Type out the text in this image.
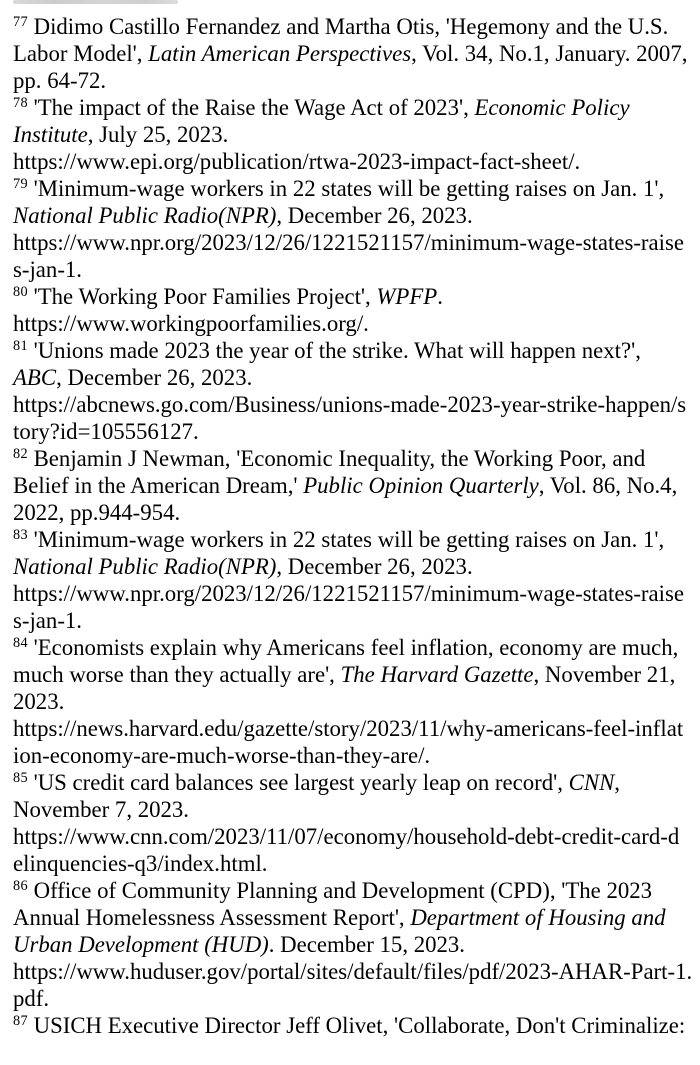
$^{77}$ Didimo Castillo Fernandez and Martha Otis, 'Hegemony and the U.S.
Labor Model', Latin American Perspectives, Vol. 34, No.1, January. 2007,
pp. 64-72.
$^{78}$ 'The impact of the Raise the Wage Act of 2023', Economic Policy
Institute, July 25, 2023.
https://www.epi.org/publication/rtwa-2023-impact-fact-sheet/.
$^{79}$ 'Minimum-wage workers in 22 states will be getting raises on Jan. 1',
National Public Radio(NPR), December 26, 2023.
https://www.npr.org/2023/12/26/1221521157/minimum-wage-states-raise
s-jan-1.
$^{80}$ 'The Working Poor Families Project', WPFP.
https://www.workingpoorfamilies.org/.
$^{81}$ 'Unions made 2023 the year of the strike. What will happen next?',
ABC, December 26, 2023.
https://abcnews.go.com/Business/unions-made-2023-year-strike-happen/s
tory?id=105556127.
$^{82}$ Benjamin J Newman, 'Economic Inequality, the Working Poor, and
Belief in the American Dream,' Public Opinion Quarterly, Vol. 86, No.4,
2022, pp.944-954.
$^{83}$ 'Minimum-wage workers in 22 states will be getting raises on Jan. 1',
National Public Radio(NPR), December 26, 2023.
https://www.npr.org/2023/12/26/1221521157/minimum-wage-states-raise
s-jan-1.
$^{84}$ 'Economists explain why Americans feel inflation, economy are much,
much worse than they actually are', The Harvard Gazette, November 21,
2023.
https://news.harvard.edu/gazette/story/2023/11/why-americans-feel-inflat
ion-economy-are-much-worse-than-they-are/.
$^{85}$ 'US credit card balances see largest yearly leap on record', CNN,
November 7, 2023.
https://www.cnn.com/2023/11/07/economy/household-debt-credit-card-d
elinquencies-q3/index.html.
$^{86}$ Office of Community Planning and Development (CPD), 'The 2023
Annual Homelessness Assessment Report', Department of Housing and
Urban Development (HUD). December 15, 2023.
https://www.huduser.gov/portal/sites/default/files/pdf/2023-AHAR-Part-1.
pdf.
$^{87}$ USICH Executive Director Jeff Olivet, 'Collaborate, Don't Criminalize:
